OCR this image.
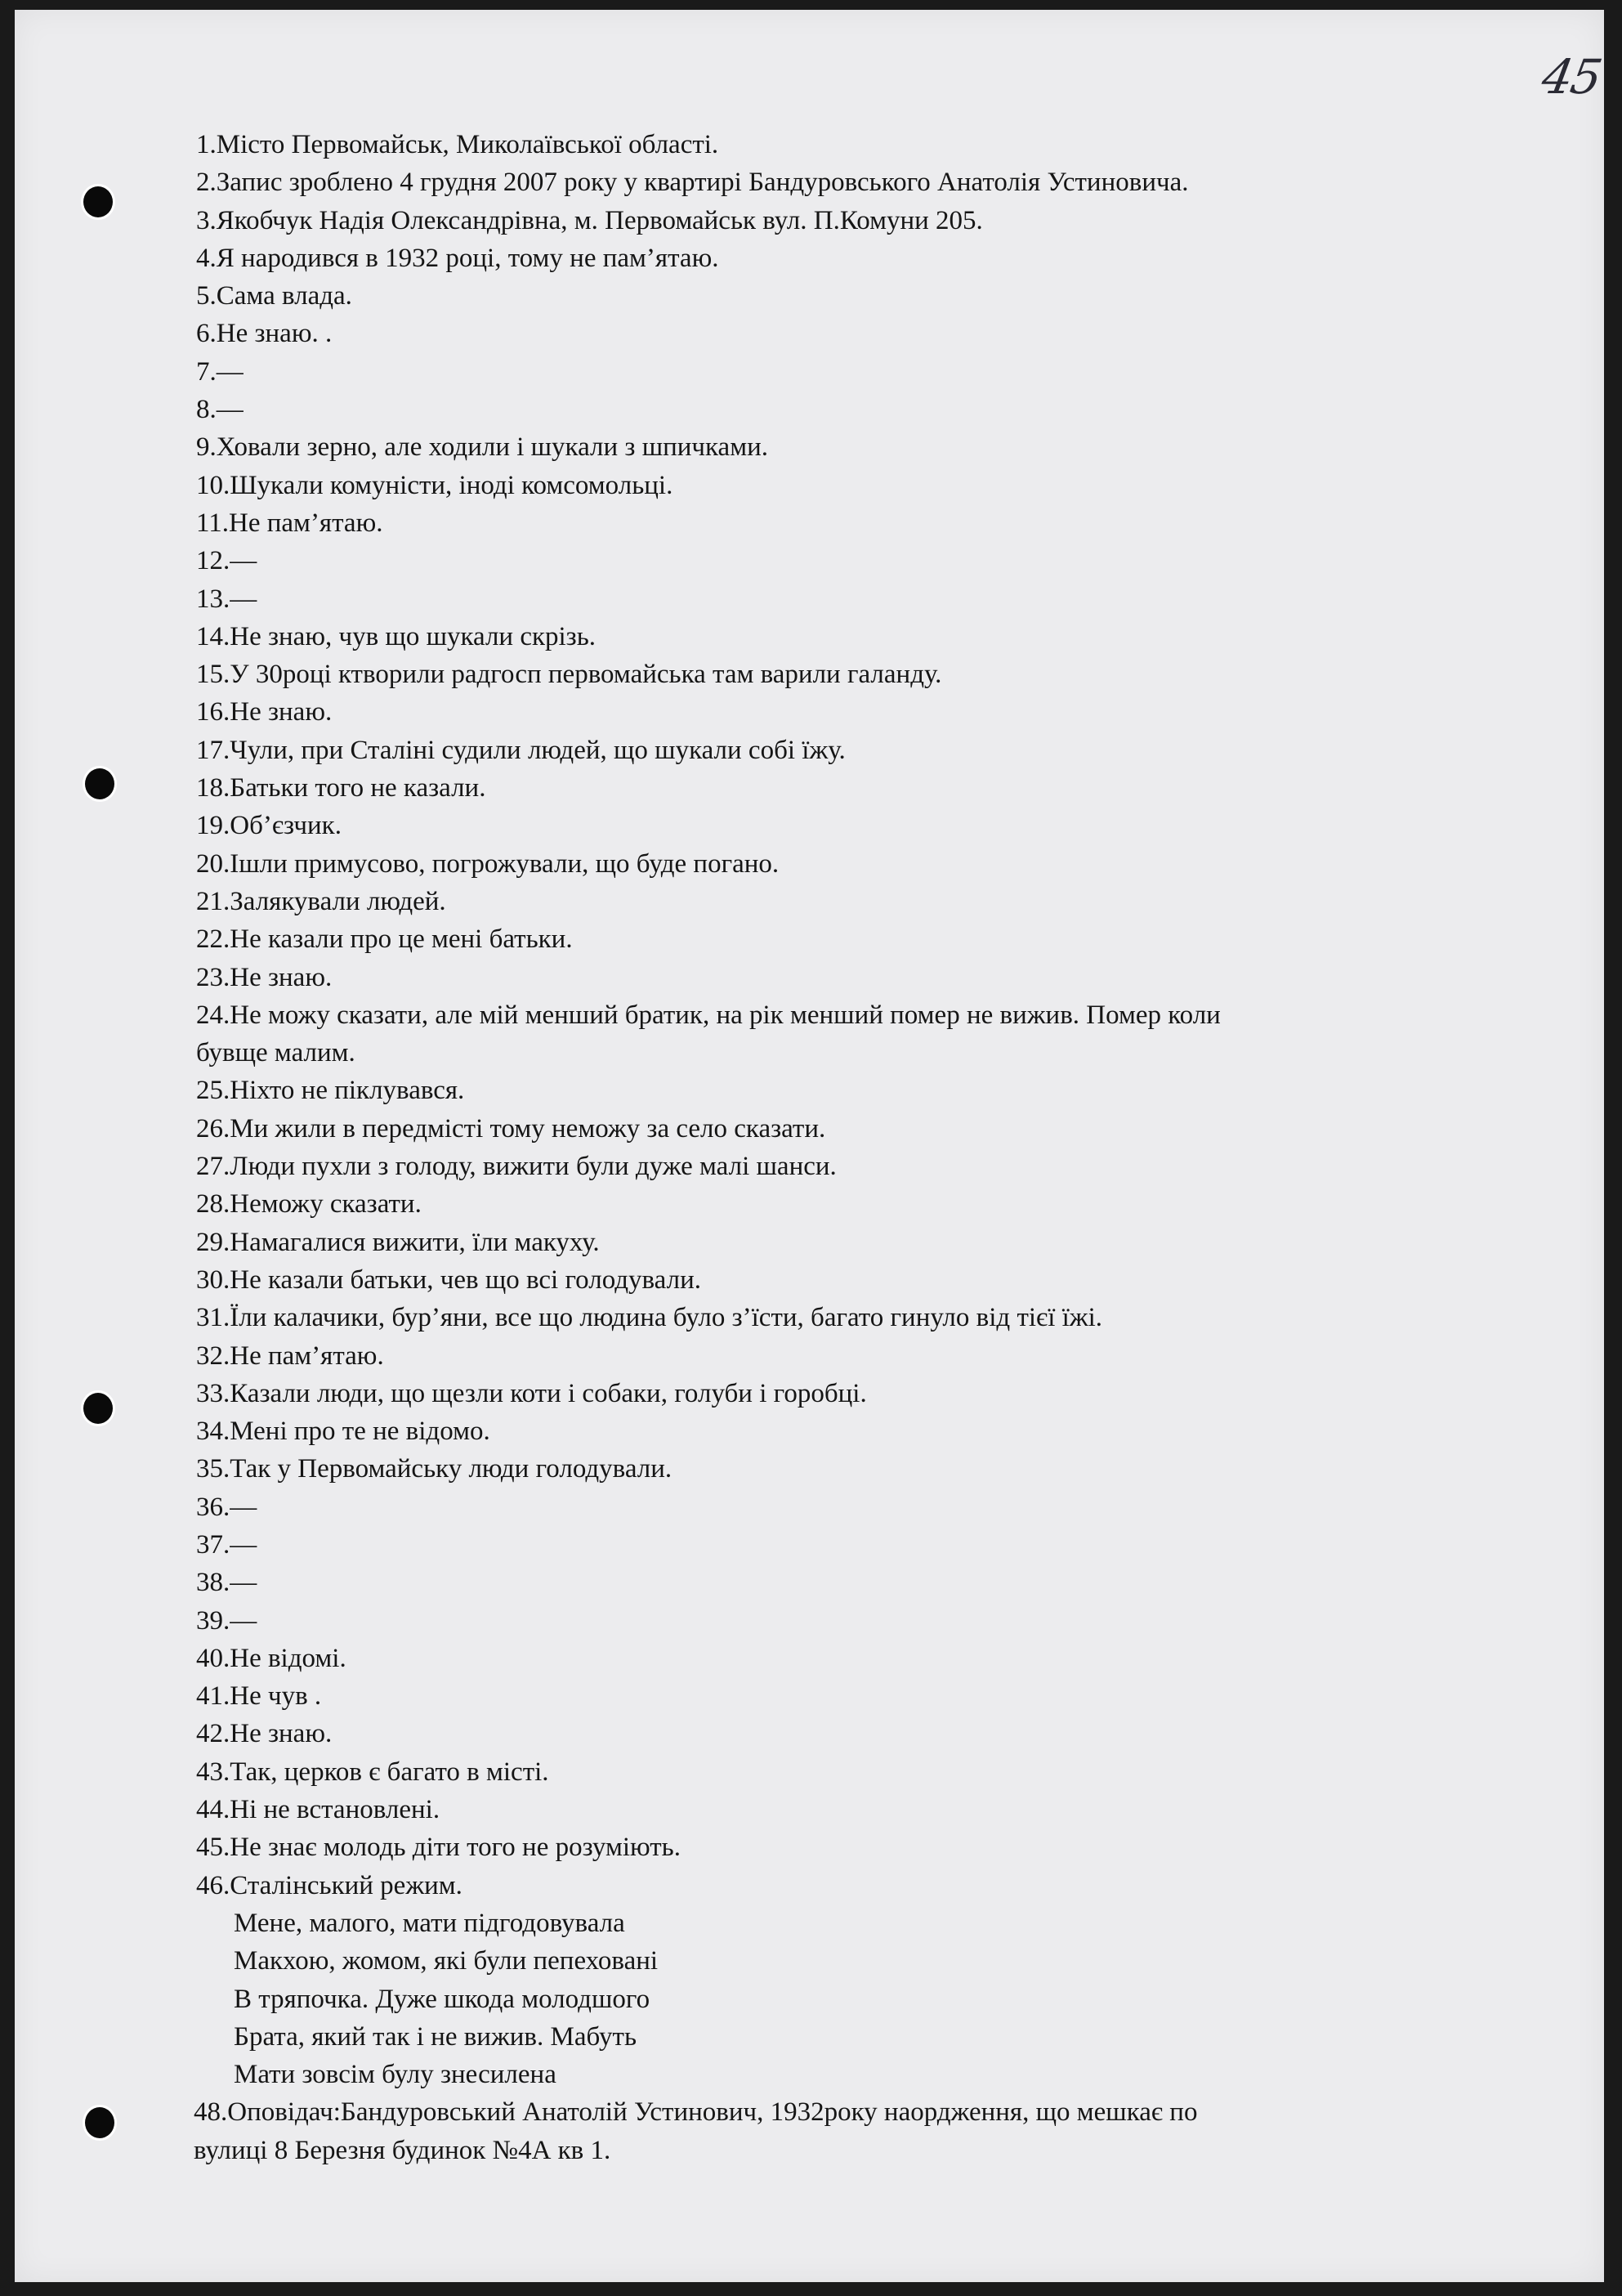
45
1.Місто Первомайськ, Миколаївської області.
2.Запис зроблено 4 грудня 2007 року у квартирі Бандуровського Анатолія Устиновича.
3.Якобчук Надія Олександрівна, м. Первомайськ вул. П.Комуни 205.
4.Я народився в 1932 році, тому не пам’ятаю.
5.Сама влада.
6.Не знаю. .
7.—
8.—
9.Ховали зерно, але ходили і шукали з шпичками.
10.Шукали комуністи, іноді комсомольці.
11.Не пам’ятаю.
12.—
13.—
14.Не знаю, чув що шукали скрізь.
15.У 30році ктворили радгосп первомайська там варили галанду.
16.Не знаю.
17.Чули, при Сталіні судили людей, що шукали собі їжу.
18.Батьки того не казали.
19.Об’єзчик.
20.Ішли примусово, погрожували, що буде погано.
21.Залякували людей.
22.Не казали про це мені батьки.
23.Не знаю.
24.Не можу сказати, але мій менший братик, на рік менший помер не вижив. Помер коли
бувще малим.
25.Ніхто не піклувався.
26.Ми жили в передмісті тому неможу за село сказати.
27.Люди пухли з голоду, вижити були дуже малі шанси.
28.Неможу сказати.
29.Намагалися вижити, їли макуху.
30.Не казали батьки, чев що всі голодували.
31.Їли калачики, бур’яни, все що людина було з’їсти, багато гинуло від тієї їжі.
32.Не пам’ятаю.
33.Казали люди, що щезли коти і собаки, голуби і горобці.
34.Мені про те не відомо.
35.Так у Первомайську люди голодували.
36.—
37.—
38.—
39.—
40.Не відомі.
41.Не чув .
42.Не знаю.
43.Так, церков є багато в місті.
44.Ні не встановлені.
45.Не знає молодь діти того не розуміють.
46.Сталінський режим.
Мене, малого, мати підгодовувала
Макхою, жомом, які були пепеховані
В тряпочка. Дуже шкода молодшого
Брата, який так і не вижив. Мабуть
Мати зовсім булу знесилена
48.Оповідач:Бандуровський Анатолій Устинович, 1932року наордження, що мешкає по
вулиці 8 Березня будинок №4А кв 1.
